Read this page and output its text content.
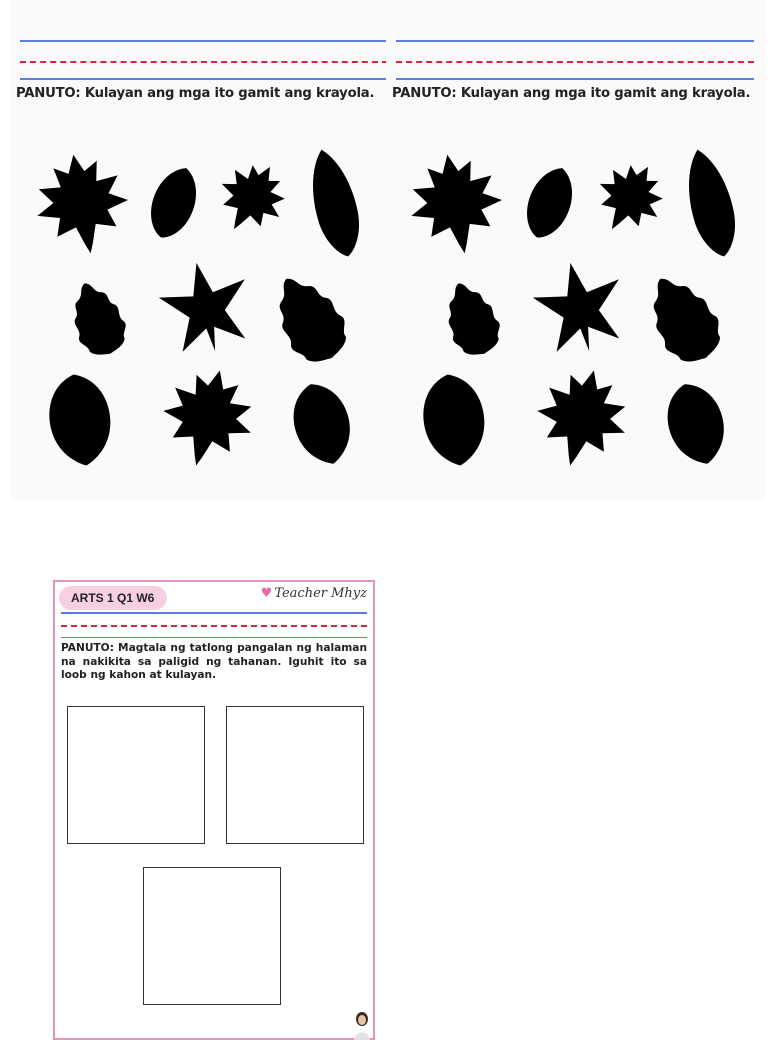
PANUTO: Kulayan ang mga ito gamit ang krayola. PANUTO: Kulayan ang mga ito gamit ang krayola.
ARTS 1 Q1 W6	♥ Teacher Mhyz
PANUTO: Magtala ng tatlong pangalan ng halaman na nakikita sa paligid ng tahanan. Iguhit ito sa loob ng kahon at kulayan.
